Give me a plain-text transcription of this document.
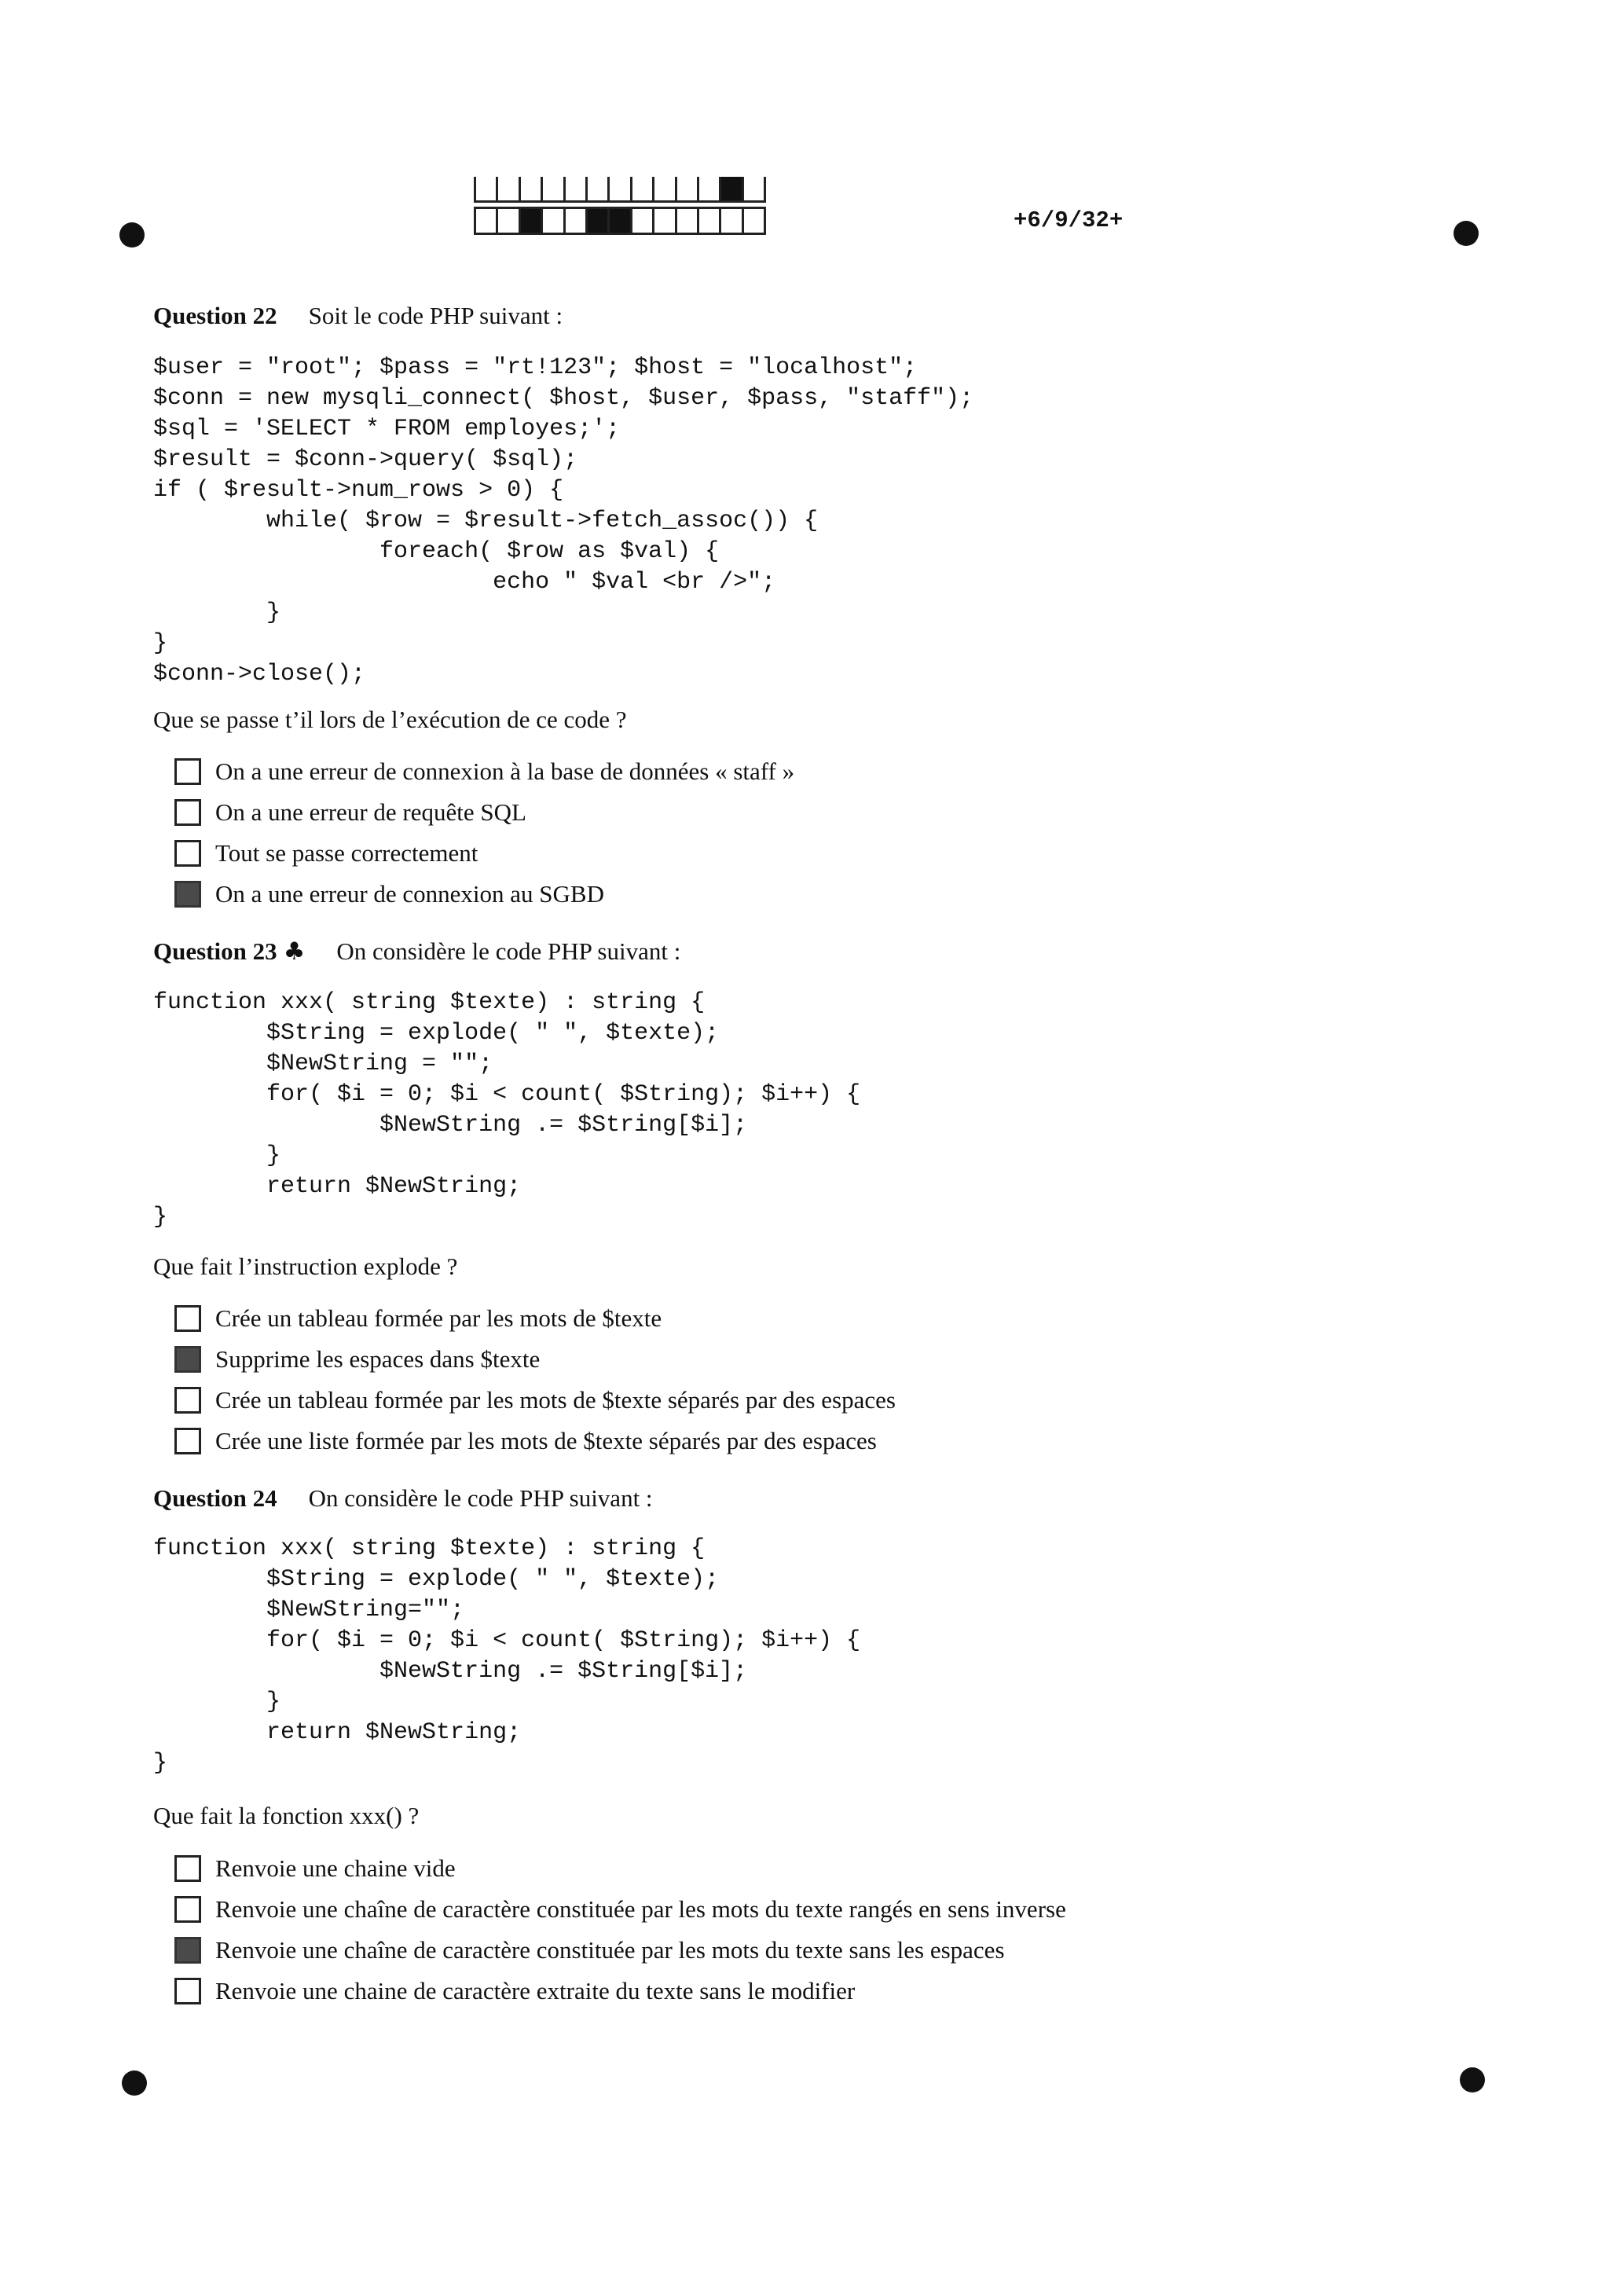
+6/9/32+
Question 22 Soit le code PHP suivant :
$user = "root"; $pass = "rt!123"; $host = "localhost";
$conn = new mysqli_connect( $host, $user, $pass, "staff");
$sql = 'SELECT * FROM employes;';
$result = $conn->query( $sql);
if ( $result->num_rows > 0) {
while( $row = $result->fetch_assoc()) {
foreach( $row as $val) {
echo " $val <br />";
}
}
$conn->close();
Que se passe t’il lors de l’exécution de ce code ?
On a une erreur de connexion à la base de données « staff »
On a une erreur de requête SQL
Tout se passe correctement
On a une erreur de connexion au SGBD
Question 23 ♣ On considère le code PHP suivant :
function xxx( string $texte) : string {
$String = explode( " ", $texte);
$NewString = "";
for( $i = 0; $i < count( $String); $i++) {
$NewString .= $String[$i];
}
return $NewString;
}
Que fait l’instruction explode ?
Crée un tableau formée par les mots de $texte
Supprime les espaces dans $texte
Crée un tableau formée par les mots de $texte séparés par des espaces
Crée une liste formée par les mots de $texte séparés par des espaces
Question 24 On considère le code PHP suivant :
function xxx( string $texte) : string {
$String = explode( " ", $texte);
$NewString="";
for( $i = 0; $i < count( $String); $i++) {
$NewString .= $String[$i];
}
return $NewString;
}
Que fait la fonction xxx() ?
Renvoie une chaine vide
Renvoie une chaîne de caractère constituée par les mots du texte rangés en sens inverse
Renvoie une chaîne de caractère constituée par les mots du texte sans les espaces
Renvoie une chaine de caractère extraite du texte sans le modifier
